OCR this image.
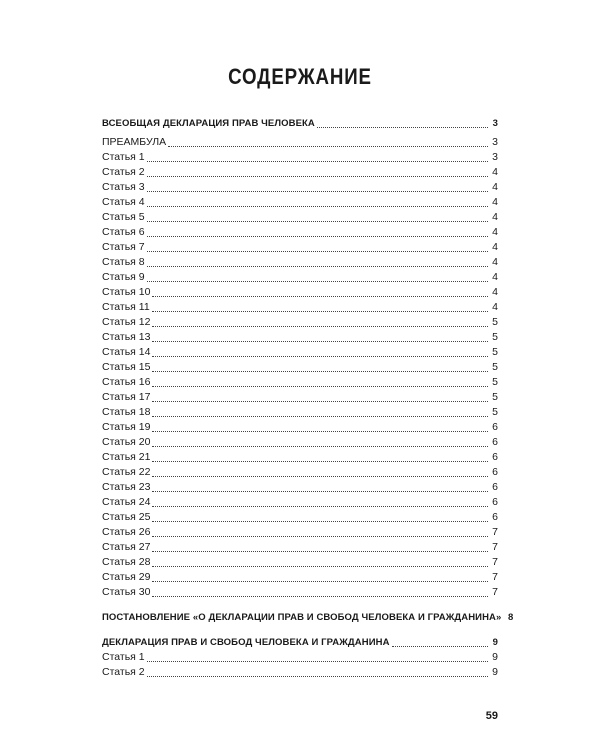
СОДЕРЖАНИЕ
ВСЕОБЩАЯ ДЕКЛАРАЦИЯ ПРАВ ЧЕЛОВЕКА	3
ПРЕАМБУЛА	3
Статья 1	3
Статья 2	4
Статья 3	4
Статья 4	4
Статья 5	4
Статья 6	4
Статья 7	4
Статья 8	4
Статья 9	4
Статья 10	4
Статья 11	4
Статья 12	5
Статья 13	5
Статья 14	5
Статья 15	5
Статья 16	5
Статья 17	5
Статья 18	5
Статья 19	6
Статья 20	6
Статья 21	6
Статья 22	6
Статья 23	6
Статья 24	6
Статья 25	6
Статья 26	7
Статья 27	7
Статья 28	7
Статья 29	7
Статья 30	7
ПОСТАНОВЛЕНИЕ «О ДЕКЛАРАЦИИ ПРАВ И СВОБОД ЧЕЛОВЕКА И ГРАЖДАНИНА» 8
ДЕКЛАРАЦИЯ ПРАВ И СВОБОД ЧЕЛОВЕКА И ГРАЖДАНИНА	9
Статья 1	9
Статья 2	9
59
